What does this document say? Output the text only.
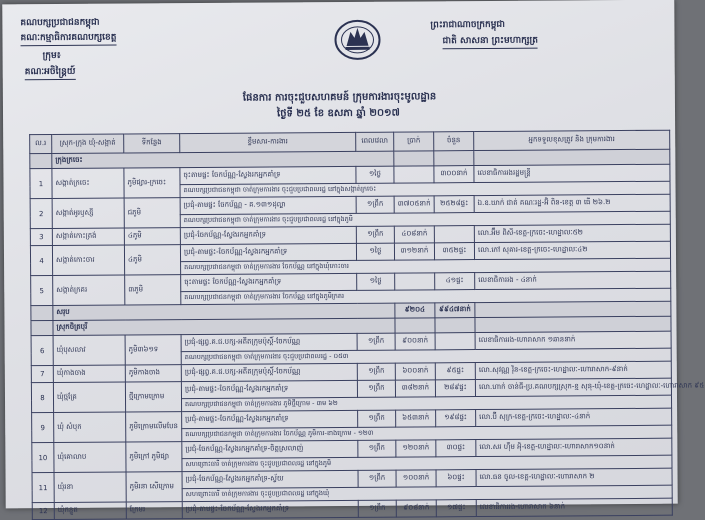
គណបក្សប្រជាជនកម្ពុជា
គណៈកម្មាធិការគណបក្សខេត្ត
ក្រុម៖
គណៈអចិន្ត្រៃយ៍
ព្រះរាជាណាចក្រកម្ពុជា
ជាតិ សាសនា ព្រះមហាក្សត្រ
ផែនការ ការចុះជួបសហគមន៍ ក្រុមការងារចុះមូលដ្ឋាន
ថ្ងៃទី ២៥ ខែ ឧសភា ឆ្នាំ ២០១៧
ល.រ	ស្រុក-ក្រុង ឃុំ-សង្កាត់	ទីកន្លែង	ខ្លឹមសារ-ការងារ	ពេលវេលា	ប្រាក់	ចំនួន	អ្នកទទួលខុសត្រូវ និង ក្រុមការងារ
	ក្រុងក្រចេះ						
1	សង្កាត់ក្រចេះ	ភូមិផ្សារ-ក្រចេះ	ចុះតាមផ្ទះ ចែកប័ណ្ណ-ស្វែងរកអ្នកគាំទ្រ	១ថ្ងៃ		៣០០នាក់	លេខាធិការរងរដ្ឋមន្ត្រី
			គណបក្សប្រជាជនកម្ពុជា ចាត់ក្រុមការងារ ចុះជួបប្រជាពលរដ្ឋ នៅក្នុងសង្កាត់ក្រចេះ				
2	សង្កាត់អូរឫស្សី	ជភូមិ	ប្រជុំ-តាមផ្ទះ ចែកប័ណ្ណ - គ.១៣១ដុល្លា	១ព្រឹក	៣៧០៥នាក់	២៥២៨ផ្ទះ	ឯ.ឧ.ឃាក់ ជាត់ គណៈរដ្ឋ-អ៊ិ ពិន-ខេត្ត ៣ ធើ ២៦.២
			គណបក្សប្រជាជនកម្ពុជា ចាត់ក្រុមការងារ ចុះជួបប្រជាពលរដ្ឋ នៅក្នុងភូមិ				
3	សង្កាត់កោះត្រង់	៤ភូមិ	ប្រជុំ-ចែកប័ណ្ណ-ស្វែងរកអ្នកគាំទ្រ	១ព្រឹក	៤០៨នាក់		លោ.អ៊ឹម ពិសី-ខេត្ត-ក្រចេះ-ហេដ្ឋាលៈ៥២
4	សង្កាត់កោះចារ	៤ភូមិ	ប្រជុំ-តាមផ្ទះ-ចែកប័ណ្ណ-ស្វែងរកអ្នកគាំទ្រ	១ថ្ងៃ	៣១២នាក់	៣៥២ផ្ទះ	លោ.កៅ សុគារ-ខេត្ត-ក្រចេះ-ហេដ្ឋាលៈ៤២
			គណបក្សប្រជាជនកម្ពុជា ចាត់ក្រុមការងារ ចែកប័ណ្ណ នៅក្នុងឃុំកោះចារ				
5	សង្កាត់ក្រគរ	៣ភូមិ	ចុះតាមផ្ទះ ចែកប័ណ្ណ-ស្វែងរកអ្នកគាំទ្រ	១ថ្ងៃ		៤១ផ្ទះ	លេខាធិការរង - ៤នាក់
			គណបក្សប្រជាជនកម្ពុជា ចាត់ក្រុមការងារ ចែកប័ណ្ណ នៅក្នុងភូមិក្រគរ				
	សរុប				៩២០៤	៩៩៤៧នាក់	
	ស្រុកចិត្របុរី						
6	ឃុំបុសលាវ	ភូមិ៣៦១ទ	ប្រជុំ-ផ្សព្វ.គ.ជ.បក្ស-អតីតក្រុមប៉ុស្តិ៍-ចែកប័ណ្ណ	១ព្រឹក	៩០០នាក់		លេខាធិការរង-ហោរាសាក ១ឆាននាក់
			គណបក្សប្រជាជនកម្ពុជា ចាត់ក្រុមការងារ ចុះជួបប្រជាពលរដ្ឋ - ០៥៣				
7	ឃុំកាងចាង	ភូមិកាងចាង	ប្រជុំ-ផ្សព្វ.គ.ជ.បក្ស-អតីតក្រុមប៉ុស្តិ៍-ចែកប័ណ្ណ	១ព្រឹក	៦០០នាក់	៩៥ផ្ទះ	លោ.សុវណ្ណ រ៉ិន-ខេត្ត-ក្រចេះ-ហេដ្ឋាលៈ-ហោរាសាក-៩នាក់
8	ឃុំថ្មគ្រែ	ថ្មីក្រោមក្រោម	ប្រជុំ-តាមផ្ទះ-ចែកប័ណ្ណ-ស្វែងរកអ្នកគាំទ្រ	១ព្រឹក	៣៨២នាក់	២៨៩ផ្ទះ	លោ.ហាក់ ចាន់ធី-ប្រ.គណបក្សស្រុក-ខ្ម សុនុ-ឃុំ-ខេត្ត-ក្រចេះ-ហេដ្ឋាលៈ-ហោរាសាក ៩៥
			គណបក្សប្រជាជនកម្ពុជា ចាត់ក្រុមការងារ ភូមិថ្មីក្រោម - ៣ម ៦២				
9	ឃុំ សំបុក	ភូមិក្រោមលើមបែន	ប្រជុំ-តាមផ្ទះ-ចែកប័ណ្ណ-ស្វែងរកអ្នកគាំទ្រ	១ព្រឹក	៦៥៣នាក់	១៩៨ផ្ទះ	លោ.ប៊ី សុក្រ-ខេត្ត-ក្រចេះ-ហេដ្ឋាលៈ-៤នាក់
			គណបក្សប្រជាជនកម្ពុជា ចាត់ក្រុមការងារ ចែកប័ណ្ណ ភូមិការ-ខាងក្រោម - ១២៣				
10	ឃុំគោលាប	ភូមិក្រៅ ភូមិផ្សា	ប្រជុំ-ចែកប័ណ្ណ-ស្វែងរកអ្នកគាំទ្រ-ចិត្តស្រលាញ់	១ព្រឹក	១២០នាក់	៣០ផ្ទះ	លោ.សរ ហ៊ឹម អុិ-ខេត្ត-ហេដ្ឋាលៈ-ហោរាសាក១០នាក់
			សហព្រោះធារី ចាត់ក្រុមការងារ ចុះជួបប្រជាពលរដ្ឋ នៅក្នុងភូមិ				
11	ឃុំរនា	ភូមិរនា សើក្រោម	ប្រជុំ-ចែកប័ណ្ណ-ស្វែងរកអ្នកគាំទ្រ-ស្វ័យ	១ព្រឹក	១០០នាក់	៦០ផ្ទះ	លោ.ធន ចូល-ខេត្ត-ហេដ្ឋាលៈ-ហោរាសាក ២
			សហព្រោះធារី ចាត់ក្រុមការងារ ចុះជួបប្រជាពលរដ្ឋ នៅក្នុងឃុំ				
12	ឃុំកន្ទួត	ក្រែមរ	ប្រជុំ-តាមផ្ទះ-ចែកប័ណ្ណ-ស្វែងរកអ្នកគាំទ្រ	១ព្រឹក	៩០៨នាក់	១៧ផ្ទះ	លេខាធិការរង-ហោរាសាក ៦នាក់
